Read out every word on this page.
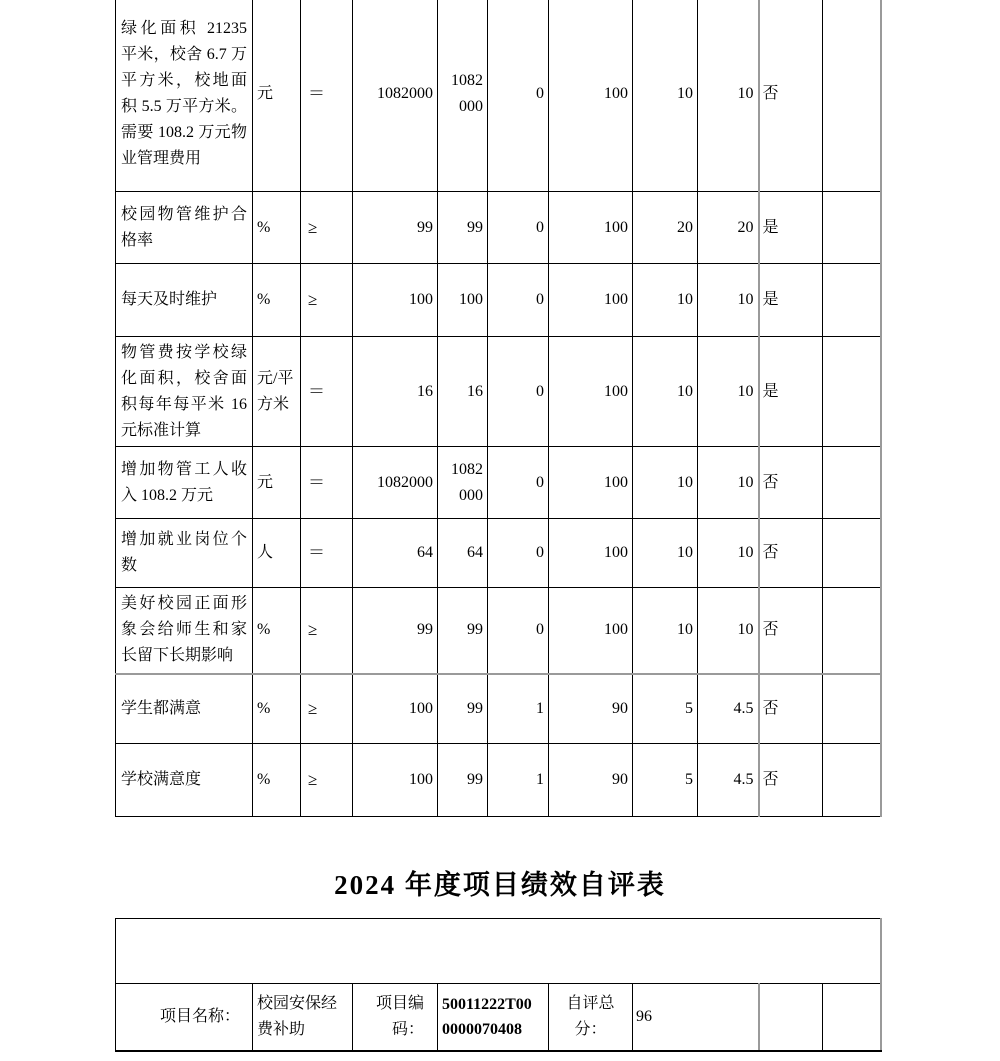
绿化面积 21235 平米，校舍 6.7 万平方米，校地面积 5.5 万平方米。需要 108.2 万元物业管理费用	元	＝	1082000	1082 000	0	100	10	10	否	
校园物管维护合格率	%	≥	99	99	0	100	20	20	是	
每天及时维护	%	≥	100	100	0	100	10	10	是	
物管费按学校绿化面积，校舍面积每年每平米 16 元标准计算	元/平方米	＝	16	16	0	100	10	10	是	
增加物管工人收入 108.2 万元	元	＝	1082000	1082 000	0	100	10	10	否	
增加就业岗位个数	人	＝	64	64	0	100	10	10	否	
美好校园正面形象会给师生和家长留下长期影响	%	≥	99	99	0	100	10	10	否	
学生都满意	%	≥	100	99	1	90	5	4.5	否	
学校满意度	%	≥	100	99	1	90	5	4.5	否	
2024 年度项目绩效自评表

项目名称：	校园安保经费补助	项目编码：	50011222T000000070408	自评总分：	96		
